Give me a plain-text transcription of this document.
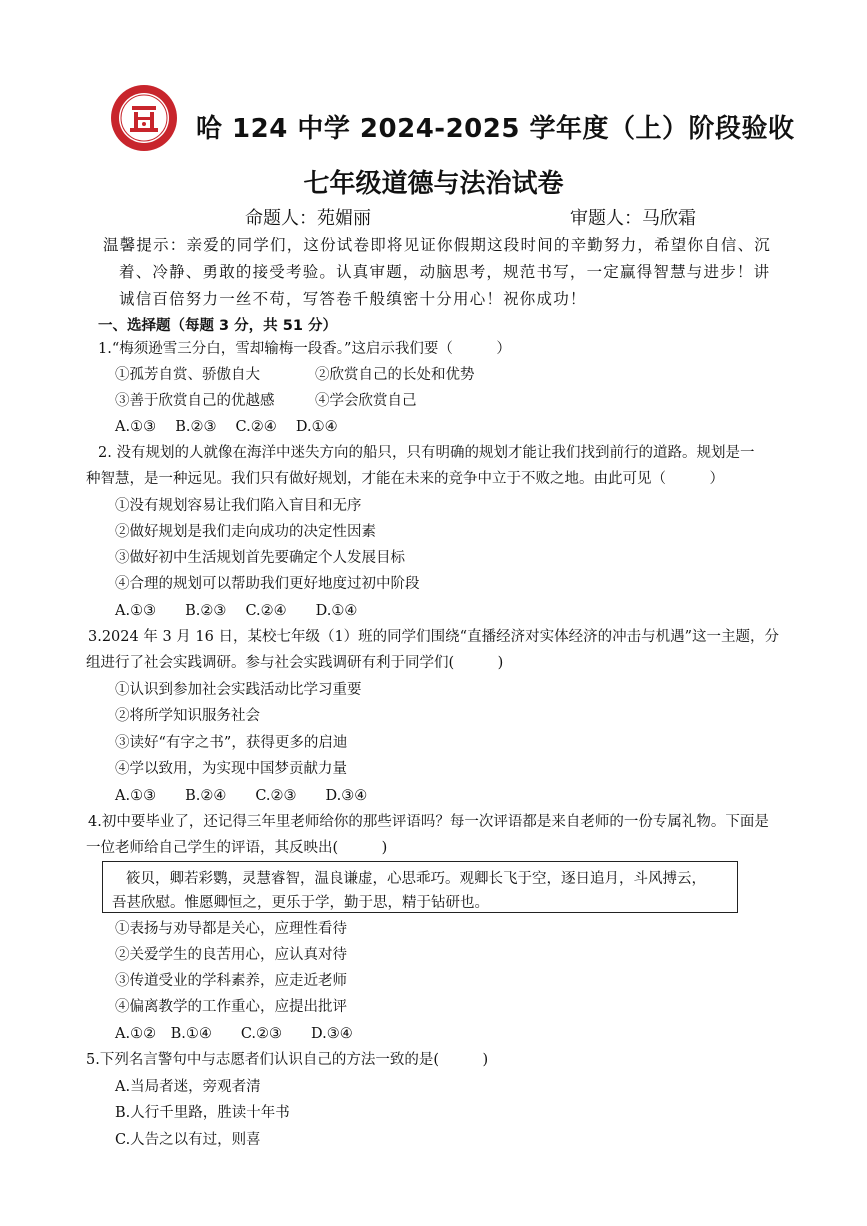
哈 124 中学 2024-2025 学年度（上）阶段验收
七年级道德与法治试卷
命题人：苑媚丽	审题人：马欣霜
温馨提示：亲爱的同学们，这份试卷即将见证你假期这段时间的辛勤努力，希望你自信、沉
着、冷静、勇敢的接受考验。认真审题，动脑思考，规范书写，一定赢得智慧与进步！讲
诚信百倍努力一丝不苟，写答卷千般缜密十分用心！祝你成功！
一、选择题（每题 3 分，共 51 分）
1.“梅须逊雪三分白，雪却输梅一段香。”这启示我们要（　　　）
①孤芳自赏、骄傲自大	②欣赏自己的长处和优势
③善于欣赏自己的优越感	④学会欣赏自己
A.①③　 B.②③　 C.②④　 D.①④
2. 没有规划的人就像在海洋中迷失方向的船只，只有明确的规划才能让我们找到前行的道路。规划是一
种智慧，是一种远见。我们只有做好规划，才能在未来的竞争中立于不败之地。由此可见（　　　）
①没有规划容易让我们陷入盲目和无序
②做好规划是我们走向成功的决定性因素
③做好初中生活规划首先要确定个人发展目标
④合理的规划可以帮助我们更好地度过初中阶段
A.①③　　B.②③　 C.②④　　D.①④
3.2024 年 3 月 16 日，某校七年级（1）班的同学们围绕“直播经济对实体经济的冲击与机遇”这一主题，分
组进行了社会实践调研。参与社会实践调研有利于同学们(　　　)
①认识到参加社会实践活动比学习重要
②将所学知识服务社会
③读好“有字之书”，获得更多的启迪
④学以致用，为实现中国梦贡献力量
A.①③　　B.②④　　C.②③　　D.③④
4.初中要毕业了，还记得三年里老师给你的那些评语吗？每一次评语都是来自老师的一份专属礼物。下面是
一位老师给自己学生的评语，其反映出(　　　)
筱贝，卿若彩鹦，灵慧睿智，温良谦虚，心思乖巧。观卿长飞于空，逐日追月，斗风搏云，
吾甚欣慰。惟愿卿恒之，更乐于学，勤于思，精于钻研也。
①表扬与劝导都是关心，应理性看待
②关爱学生的良苦用心，应认真对待
③传道受业的学科素养，应走近老师
④偏离教学的工作重心，应提出批评
A.①②　B.①④　　C.②③　　D.③④
5.下列名言警句中与志愿者们认识自己的方法一致的是(　　　)
A.当局者迷，旁观者清
B.人行千里路，胜读十年书
C.人告之以有过，则喜
